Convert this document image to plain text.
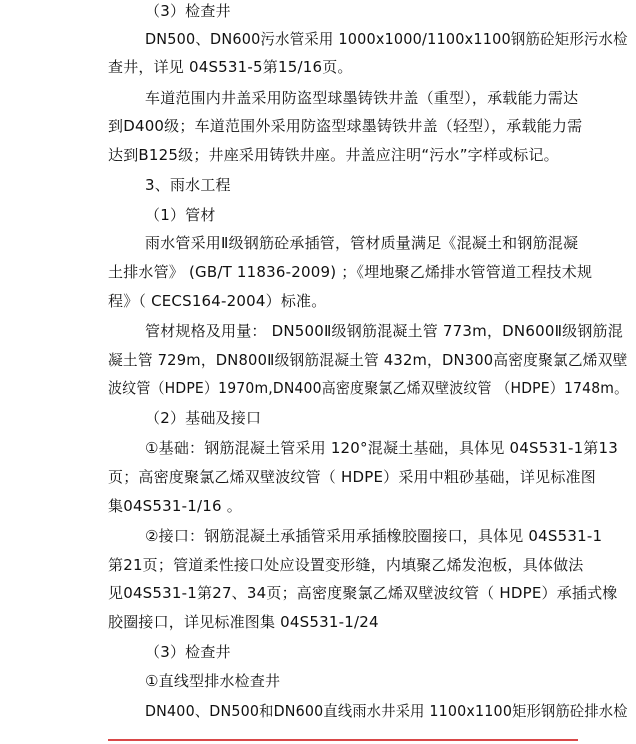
（3）检查井
DN500、DN600污水管采用 1000x1000/1100x1100钢筋砼矩形污水检
查井，详见 04S531-5第15/16页。
车道范围内井盖采用防盗型球墨铸铁井盖（重型），承载能力需达
到D400级；车道范围外采用防盗型球墨铸铁井盖（轻型），承载能力需
达到B125级；井座采用铸铁井座。井盖应注明“污水”字样或标记。
3、雨水工程
（1）管材
雨水管采用Ⅱ级钢筋砼承插管，管材质量满足《混凝土和钢筋混凝
土排水管》 (GB/T 11836-2009) ；《埋地聚乙烯排水管管道工程技术规
程》（ CECS164-2004）标准。
管材规格及用量： DN500Ⅱ级钢筋混凝土管 773m，DN600Ⅱ级钢筋混
凝土管 729m，DN800Ⅱ级钢筋混凝土管 432m，DN300高密度聚氯乙烯双壁
波纹管（HDPE）1970m,DN400高密度聚氯乙烯双壁波纹管 （HDPE）1748m。
（2）基础及接口
①基础：钢筋混凝土管采用 120°混凝土基础，具体见 04S531-1第13
页；高密度聚氯乙烯双壁波纹管（ HDPE）采用中粗砂基础，详见标准图
集04S531-1/16 。
②接口：钢筋混凝土承插管采用承插橡胶圈接口，具体见 04S531-1
第21页；管道柔性接口处应设置变形缝，内填聚乙烯发泡板，具体做法
见04S531-1第27、34页；高密度聚氯乙烯双壁波纹管（ HDPE）承插式橡
胶圈接口，详见标准图集 04S531-1/24
（3）检查井
①直线型排水检查井
DN400、DN500和DN600直线雨水井采用 1100x1100矩形钢筋砼排水检
